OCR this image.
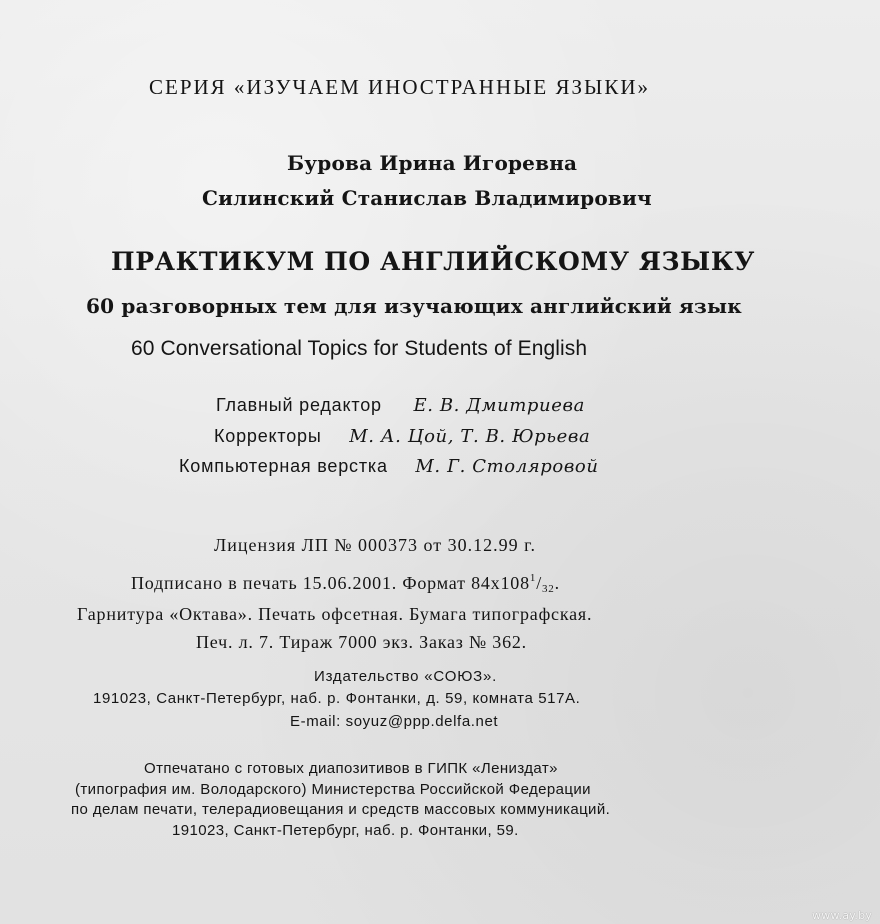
СЕРИЯ «ИЗУЧАЕМ ИНОСТРАННЫЕ ЯЗЫКИ»
Бурова Ирина Игоревна
Силинский Станислав Владимирович
ПРАКТИКУМ ПО АНГЛИЙСКОМУ ЯЗЫКУ
60 разговорных тем для изучающих английский язык
60 Conversational Topics for Students of English
Главный редактор Е. В. Дмитриева
Корректоры М. А. Цой, Т. В. Юрьева
Компьютерная верстка М. Г. Столяровой
Лицензия ЛП № 000373 от 30.12.99 г.
Подписано в печать 15.06.2001. Формат $84x108^1/32$.
Гарнитура «Октава». Печать офсетная. Бумага типографская.
Печ. л. 7. Тираж 7000 экз. Заказ № 362.
Издательство «СОЮЗ».
191023, Санкт-Петербург, наб. р. Фонтанки, д. 59, комната 517А.
E-mail: soyuz@ppp.delfa.net
Отпечатано с готовых диапозитивов в ГИПК «Лениздат»
(типография им. Володарского) Министерства Российской Федерации
по делам печати, телерадиовещания и средств массовых коммуникаций.
191023, Санкт-Петербург, наб. р. Фонтанки, 59.
www.ay.by
